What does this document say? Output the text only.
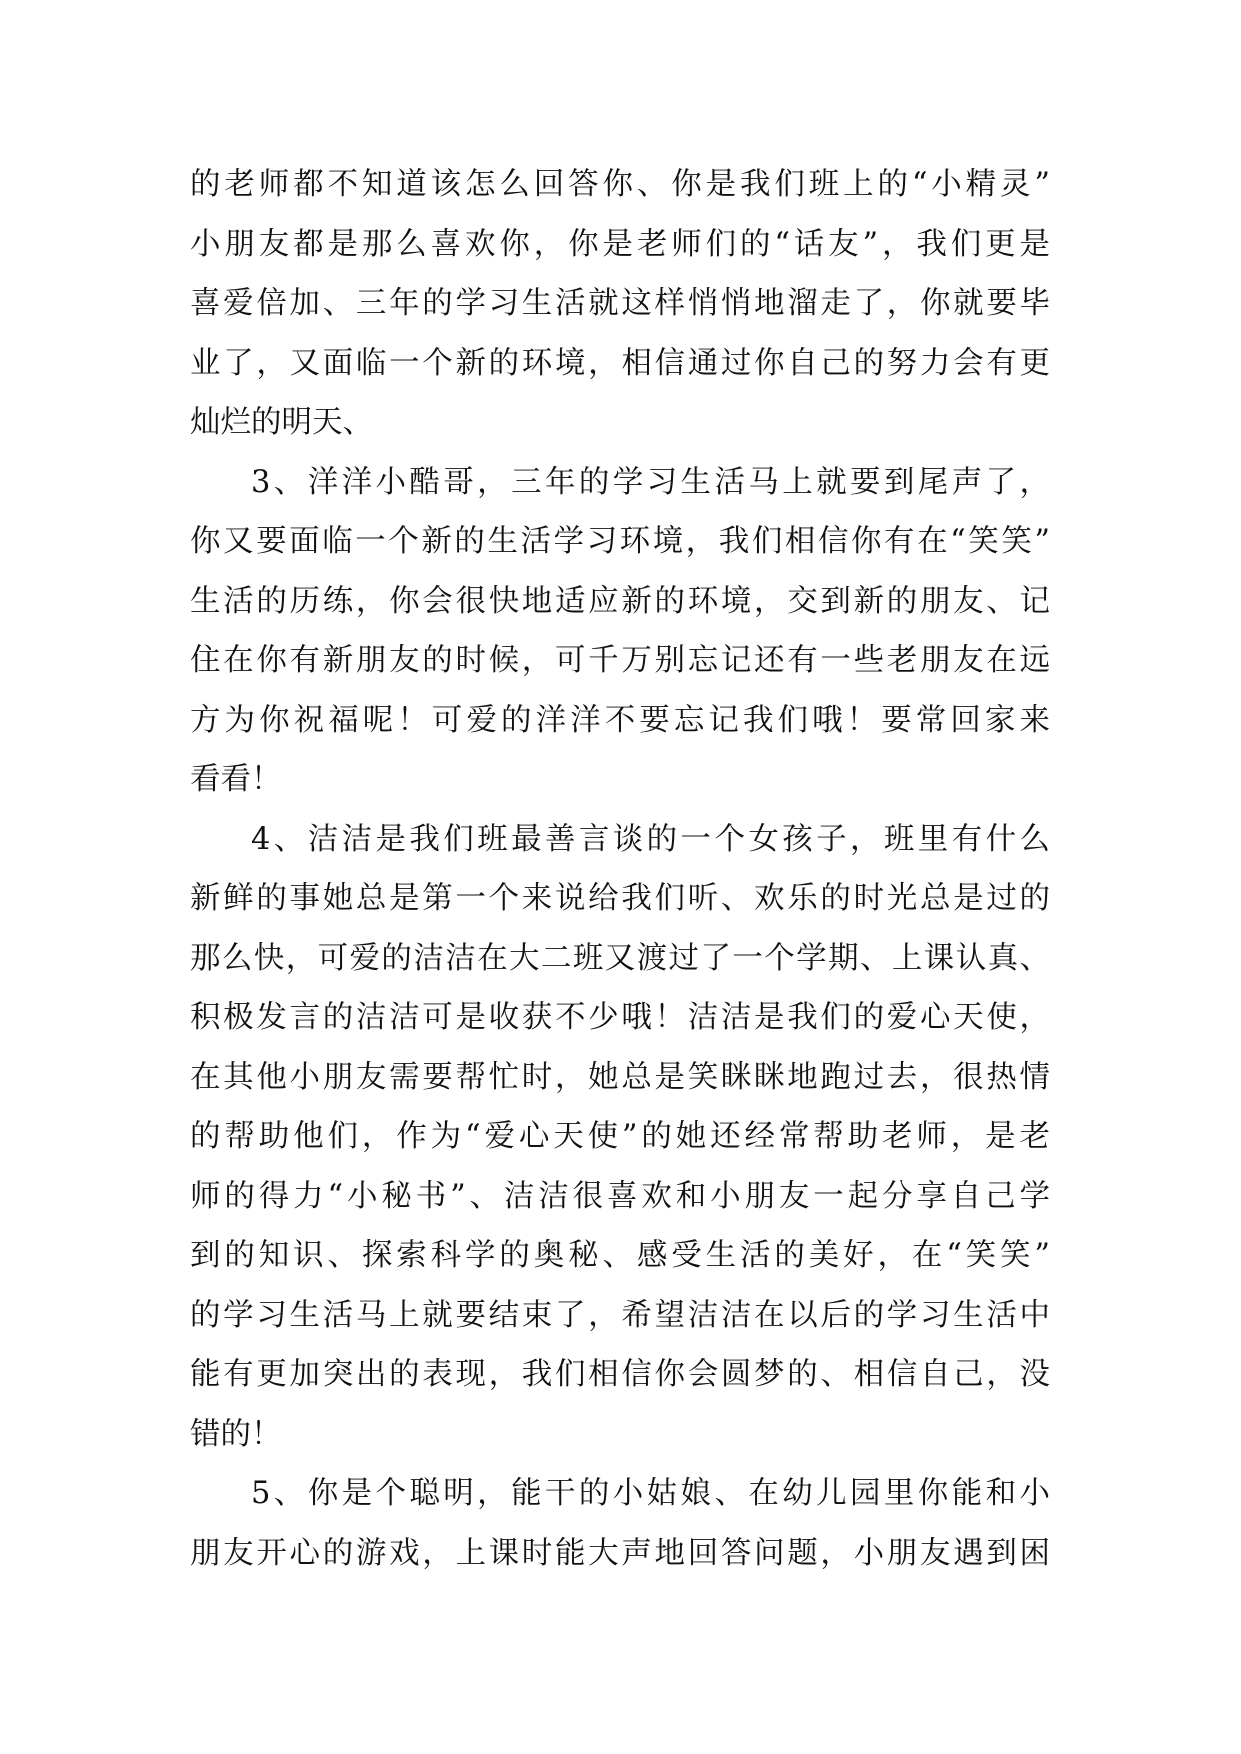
的老师都不知道该怎么回答你、你是我们班上的“小精灵”
小朋友都是那么喜欢你，你是老师们的“话友”，我们更是
喜爱倍加、三年的学习生活就这样悄悄地溜走了，你就要毕
业了，又面临一个新的环境，相信通过你自己的努力会有更
灿烂的明天、
3、洋洋小酷哥，三年的学习生活马上就要到尾声了，
你又要面临一个新的生活学习环境，我们相信你有在“笑笑”
生活的历练，你会很快地适应新的环境，交到新的朋友、记
住在你有新朋友的时候，可千万别忘记还有一些老朋友在远
方为你祝福呢！可爱的洋洋不要忘记我们哦！要常回家来
看看！
4、洁洁是我们班最善言谈的一个女孩子，班里有什么
新鲜的事她总是第一个来说给我们听、欢乐的时光总是过的
那么快，可爱的洁洁在大二班又渡过了一个学期、上课认真、
积极发言的洁洁可是收获不少哦！洁洁是我们的爱心天使，
在其他小朋友需要帮忙时，她总是笑眯眯地跑过去，很热情
的帮助他们，作为“爱心天使”的她还经常帮助老师，是老
师的得力“小秘书”、洁洁很喜欢和小朋友一起分享自己学
到的知识、探索科学的奥秘、感受生活的美好，在“笑笑”
的学习生活马上就要结束了，希望洁洁在以后的学习生活中
能有更加突出的表现，我们相信你会圆梦的、相信自己，没
错的！
5、你是个聪明，能干的小姑娘、在幼儿园里你能和小
朋友开心的游戏，上课时能大声地回答问题，小朋友遇到困
